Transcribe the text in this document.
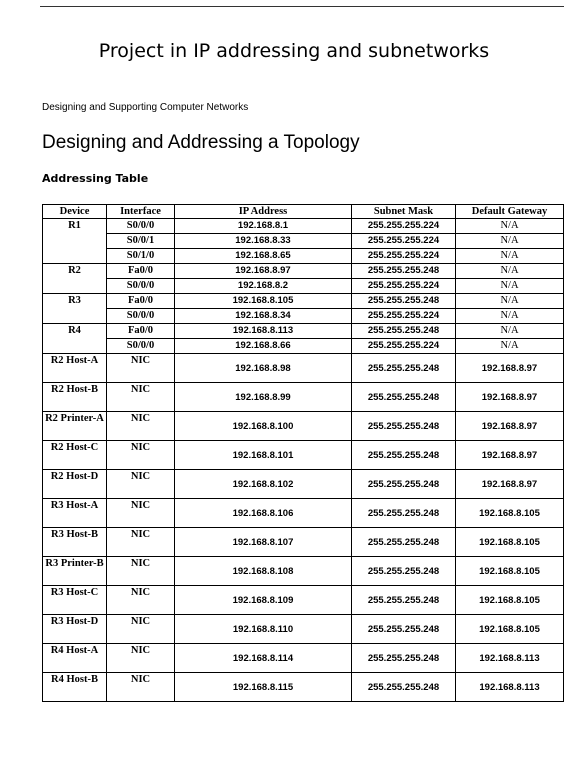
Project in IP addressing and subnetworks
Designing and Supporting Computer Networks
Designing and Addressing a Topology
Addressing Table
Device	Interface	IP Address	Subnet Mask	Default Gateway
R1	S0/0/0	192.168.8.1	255.255.255.224	N/A
	S0/0/1	192.168.8.33	255.255.255.224	N/A
	S0/1/0	192.168.8.65	255.255.255.224	N/A
R2	Fa0/0	192.168.8.97	255.255.255.248	N/A
	S0/0/0	192.168.8.2	255.255.255.224	N/A
R3	Fa0/0	192.168.8.105	255.255.255.248	N/A
	S0/0/0	192.168.8.34	255.255.255.224	N/A
R4	Fa0/0	192.168.8.113	255.255.255.248	N/A
	S0/0/0	192.168.8.66	255.255.255.224	N/A
R2 Host-A	NIC	192.168.8.98	255.255.255.248	192.168.8.97
R2 Host-B	NIC	192.168.8.99	255.255.255.248	192.168.8.97
R2 Printer-A	NIC	192.168.8.100	255.255.255.248	192.168.8.97
R2 Host-C	NIC	192.168.8.101	255.255.255.248	192.168.8.97
R2 Host-D	NIC	192.168.8.102	255.255.255.248	192.168.8.97
R3 Host-A	NIC	192.168.8.106	255.255.255.248	192.168.8.105
R3 Host-B	NIC	192.168.8.107	255.255.255.248	192.168.8.105
R3 Printer-B	NIC	192.168.8.108	255.255.255.248	192.168.8.105
R3 Host-C	NIC	192.168.8.109	255.255.255.248	192.168.8.105
R3 Host-D	NIC	192.168.8.110	255.255.255.248	192.168.8.105
R4 Host-A	NIC	192.168.8.114	255.255.255.248	192.168.8.113
R4 Host-B	NIC	192.168.8.115	255.255.255.248	192.168.8.113
